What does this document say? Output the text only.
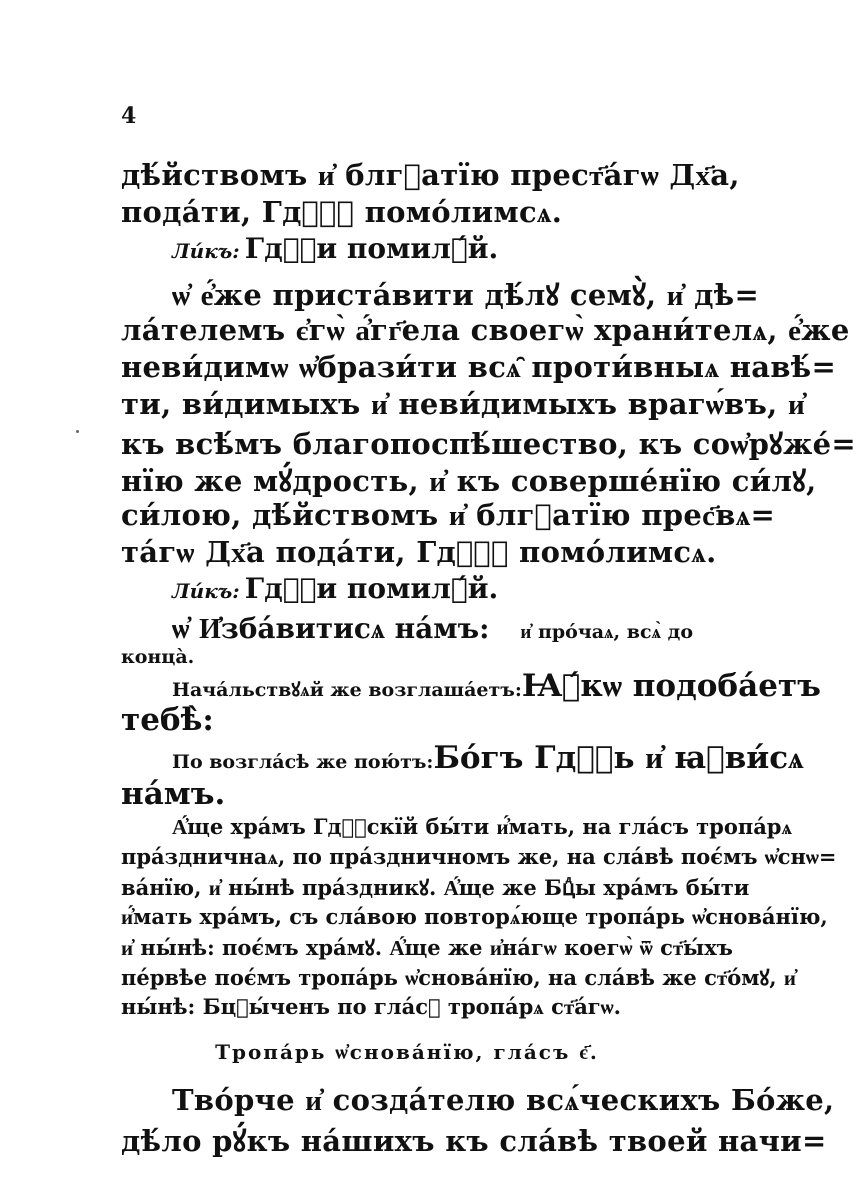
4
дѣ́йствомъ и҆ блгⷣатїю прест҃а́гѡ Дх҃а,
пода́ти, Гдⷭ҇ꙋ помо́лимсѧ.
Ли́къ: Гдⷭ҇и помилꙋ́й.
ѡ҆ е҆́же приста́вити дѣ́лꙋ семꙋ̀, и҆ дѣ=
ла́телемъ є҆гѡ̀ а҆́гг҃ела своегѡ̀ храни́телѧ, е҆́же
неви́димѡ ѡ҆брази́ти всѧ̑ проти́вныѧ навѣ́=
ти, ви́димыхъ и҆ неви́димыхъ врагѡ́въ, и҆
къ всѣ́мъ благопоспѣ́шество, къ соѡ҆рꙋже́=
нїю же мꙋ́дрость, и҆ къ соверше́нїю си́лꙋ,
си́лою, дѣ́йствомъ и҆ блгⷣатїю прес҃вѧ=
та́гѡ Дх҃а пода́ти, Гдⷭ҇ꙋ помо́лимсѧ.
Ли́къ: Гдⷭ҇и помилꙋ́й.
ѡ҆ И҆зба́витисѧ на́мъ: и҆ про́чаѧ, всѧ̀ до
конца̀.
Нача́льствꙋѧй же возглаша́етъ: Ꙗ҆́кѡ подоба́етъ
тебѣ̀:
По возгла́сѣ же пою́тъ: Бо́гъ Гдⷭ҇ь и҆ ꙗ҆ви́сѧ
на́мъ.
А҆́ще хра́мъ Гдⷭ҇скїй бы́ти и҆́мать, на гла́съ тропа́рѧ
пра́здничнаѧ, по пра́здничномъ же, на сла́вѣ поє́мъ ѡ҆снѡ=
ва́нїю, и҆ ны́нѣ пра́здникꙋ. А҆́ще же Бцⷣы хра́мъ бы́ти
и҆́мать хра́мъ, съ сла́вою повторѧ́юще тропа́рь ѡ҆снова́нїю,
и҆ ны́нѣ: поє́мъ хра́мꙋ. А҆́ще же и҆на́гѡ коегѡ̀ ѿ ст҃ы́хъ
пе́рвѣе поє́мъ тропа́рь ѡ҆снова́нїю, на сла́вѣ же ст҃о́мꙋ, и҆
ны́нѣ: Бцⷣы́ченъ по гла́сꙋ тропа́рѧ ст҃а́гѡ.
Тропа́рь ѡ҆снова́нїю, гла́съ є҃.
Тво́рче и҆ созда́телю всѧ́ческихъ Бо́же,
дѣ́ло рꙋ́къ на́шихъ къ сла́вѣ твоей начи=
